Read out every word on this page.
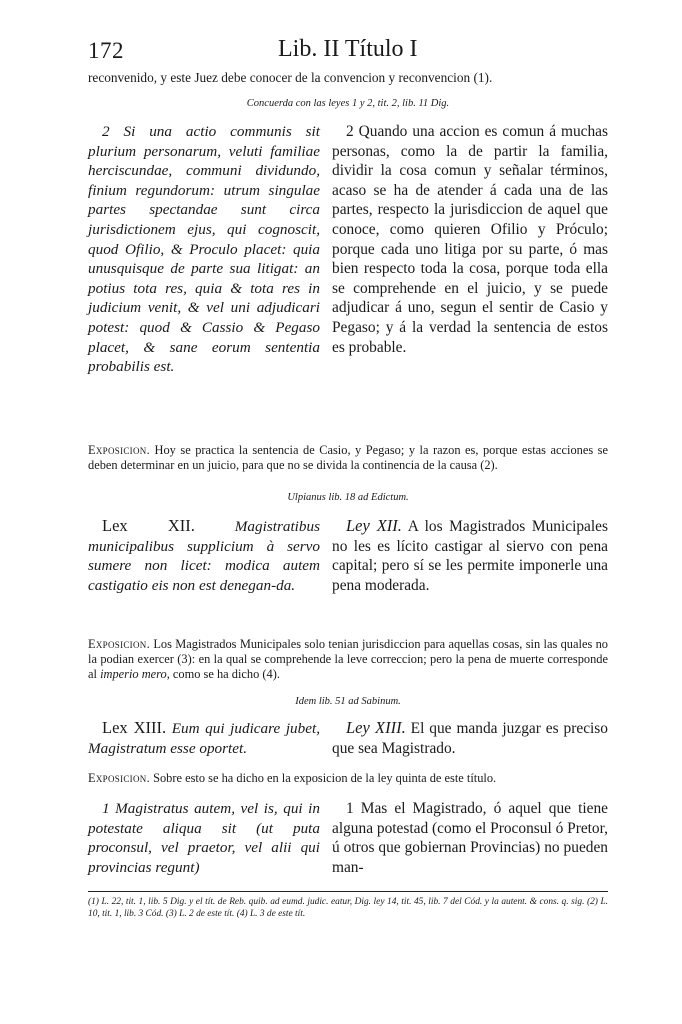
172	Lib. II Título I
reconvenido, y este Juez debe conocer de la convencion y reconvencion (1).
Concuerda con las leyes 1 y 2, tit. 2, lib. 11 Dig.

2 Si una actio communis sit plurium personarum, veluti familiae herciscundae, communi dividundo, finium regundorum: utrum singulae partes spectandae sunt circa jurisdictionem ejus, qui cognoscit, quod Ofilio, & Proculo placet: quia unusquisque de parte sua litigat: an potius tota res, quia & tota res in judicium venit, & vel uni adjudicari potest: quod & Cassio & Pegaso placet, & sane eorum sententia probabilis est.

2 Quando una accion es comun á muchas personas, como la de partir la familia, dividir la cosa comun y señalar términos, acaso se ha de atender á cada una de las partes, respecto la jurisdiccion de aquel que conoce, como quieren Ofilio y Próculo; porque cada uno litiga por su parte, ó mas bien respecto toda la cosa, porque toda ella se comprehende en el juicio, y se puede adjudicar á uno, segun el sentir de Casio y Pegaso; y á la verdad la sentencia de estos es probable.

Exposicion. Hoy se practica la sentencia de Casio, y Pegaso; y la razon es, porque estas acciones se deben determinar en un juicio, para que no se divida la continencia de la causa (2).
Ulpianus lib. 18 ad Edictum.

Lex XII.	Magistratibus municipalibus supplicium à servo sumere non licet: modica autem castigatio eis non est denegan-da.

Ley XII. A los Magistrados Municipales no les es lícito castigar al siervo con pena capital; pero sí se les permite imponerle una pena moderada.

Exposicion. Los Magistrados Municipales solo tenian jurisdiccion para aquellas cosas, sin las quales no la podian exercer (3): en la qual se comprehende la leve correccion; pero la pena de muerte corresponde al imperio mero, como se ha dicho (4).
Idem lib. 51 ad Sabinum.

Lex XIII. Eum qui judicare jubet, Magistratum esse oportet.

Ley XIII. El que manda juzgar es preciso que sea Magistrado.

Exposicion. Sobre esto se ha dicho en la exposicion de la ley quinta de este título.

1 Magistratus autem, vel is, qui in potestate aliqua sit (ut puta proconsul, vel praetor, vel alii qui provincias regunt)

1 Mas el Magistrado, ó aquel que tiene alguna potestad (como el Proconsul ó Pretor, ú otros que gobiernan Provincias) no pueden man-

(1) L. 22, tit. 1, lib. 5 Dig. y el tít. de Reb. quib. ad eumd. judic. eatur, Dig. ley 14, tit. 45, lib. 7 del Cód. y la autent. & cons. q. sig. (2) L. 10, tit. 1, lib. 3 Cód. (3) L. 2 de este tít. (4) L. 3 de este tít.
